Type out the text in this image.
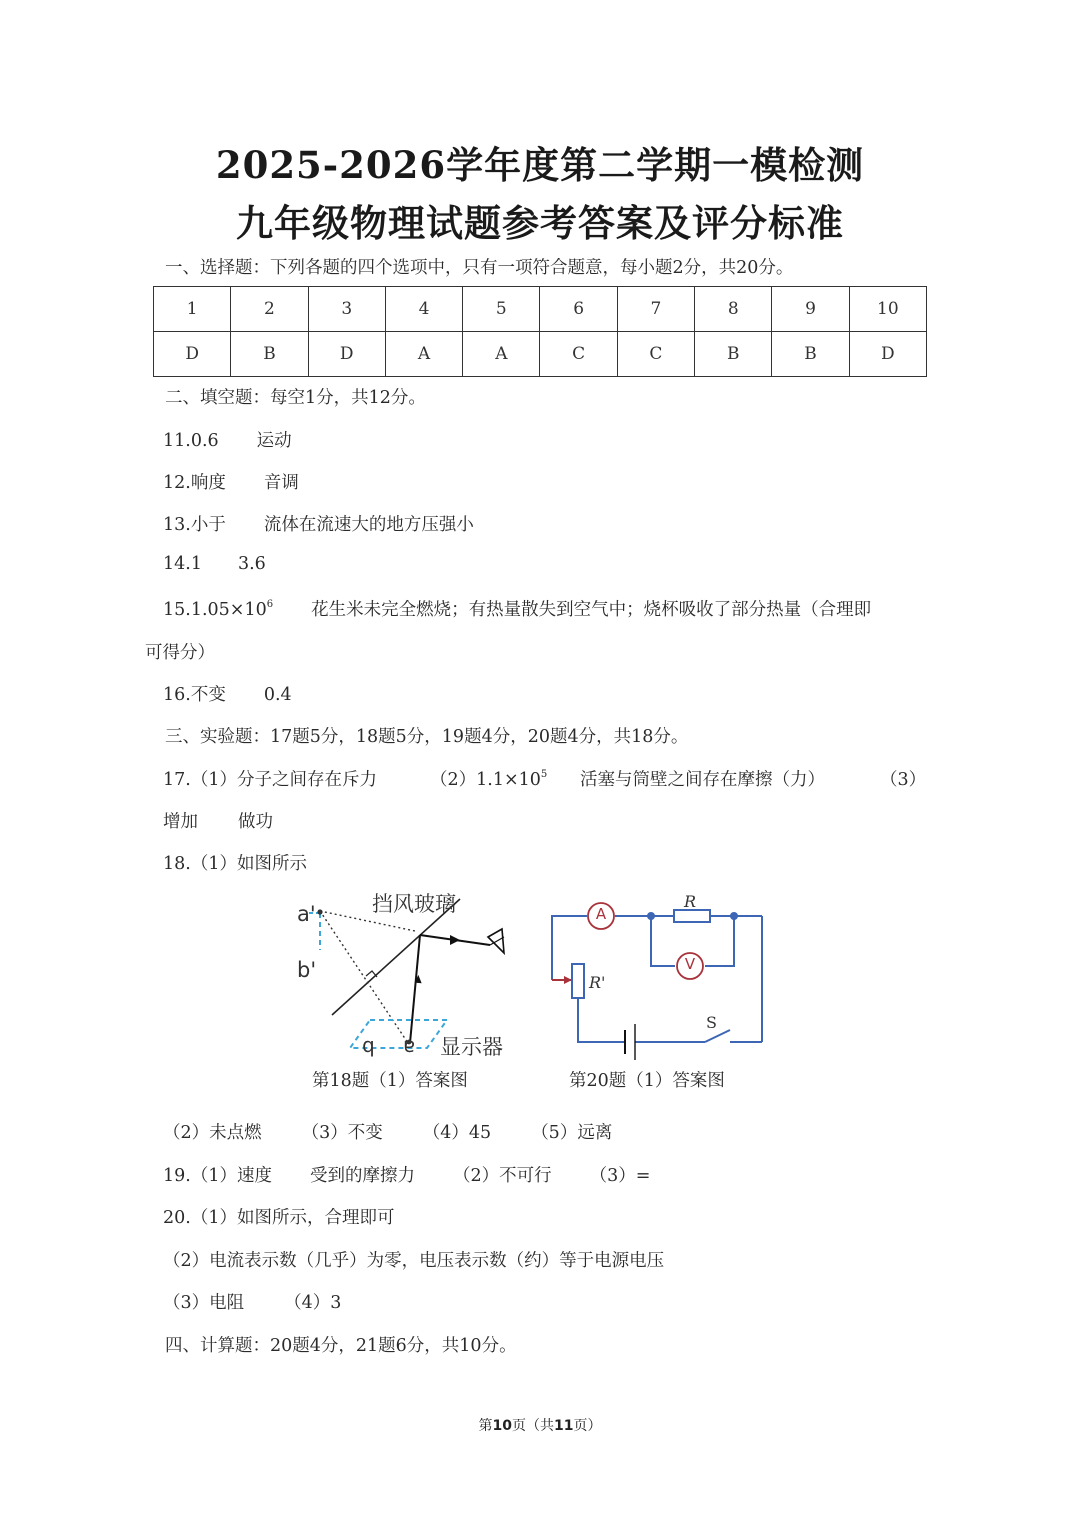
2025-2026学年度第二学期一模检测
九年级物理试题参考答案及评分标准
一、选择题：下列各题的四个选项中，只有一项符合题意，每小题2分，共20分。
1	2	3	4	5	6	7	8	9	10
D	B	D	A	A	C	C	B	B	D
二、填空题：每空1分，共12分。
11.0.6 运动
12.响度 音调
13.小于 流体在流速大的地方压强小
14.1 3.6
$15.1.05\times 10^6$ 花生米未完全燃烧；有热量散失到空气中；烧杯吸收了部分热量（合理即
可得分）
16.不变 0.4
三、实验题：17题5分，18题5分，19题4分，20题4分，共18分。
17.（1）分子之间存在斥力	$(2)1.1\times 10^5$ 活塞与筒壁之间存在摩擦（力）	（3）
增加 做功
18.（1）如图所示
挡风玻璃
a'
b'
显示器
b a
第18题（1）答案图
A
V
R
R'
S
第20题（1）答案图
（2）未点燃 （3）不变 （4）45 （5）远离
19.（1）速度 受到的摩擦力 （2）不可行 （3）=
20.（1）如图所示，合理即可
（2）电流表示数（几乎）为零，电压表示数（约）等于电源电压
（3）电阻 （4）3
四、计算题：20题4分，21题6分，共10分。
第10页（共11页）
